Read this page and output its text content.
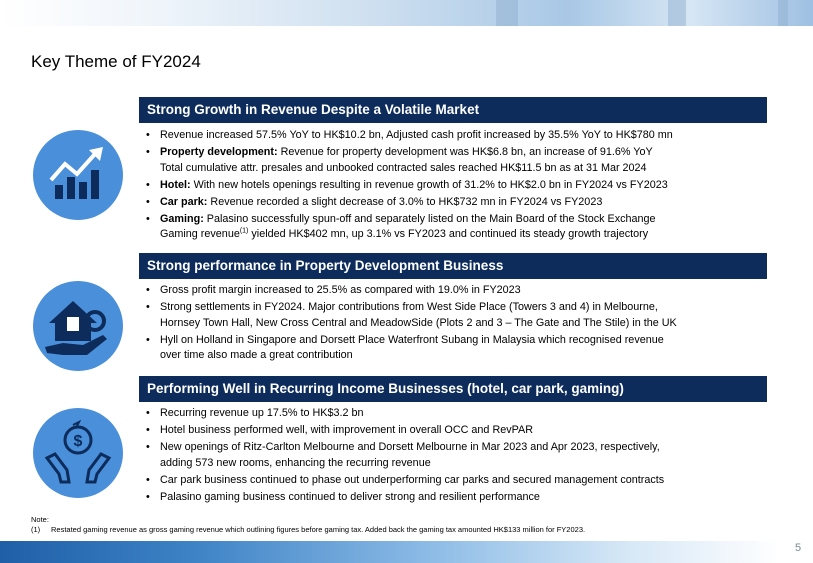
Key Theme of FY2024
Strong Growth in Revenue Despite a Volatile Market
• Revenue increased 57.5% YoY to HK$10.2 bn, Adjusted cash profit increased by 35.5% YoY to HK$780 mn
• Property development: Revenue for property development was HK$6.8 bn, an increase of 91.6% YoY
Total cumulative attr. presales and unbooked contracted sales reached HK$11.5 bn as at 31 Mar 2024
• Hotel: With new hotels openings resulting in revenue growth of 31.2% to HK$2.0 bn in FY2024 vs FY2023
• Car park: Revenue recorded a slight decrease of 3.0% to HK$732 mn in FY2024 vs FY2023
• Gaming: Palasino successfully spun-off and separately listed on the Main Board of the Stock Exchange
Gaming revenue$^{(1)}$ yielded HK$402 mn, up 3.1% vs FY2023 and continued its steady growth trajectory
Strong performance in Property Development Business
• Gross profit margin increased to 25.5% as compared with 19.0% in FY2023
• Strong settlements in FY2024. Major contributions from West Side Place (Towers 3 and 4) in Melbourne,
Hornsey Town Hall, New Cross Central and MeadowSide (Plots 2 and 3 – The Gate and The Stile) in the UK
• Hyll on Holland in Singapore and Dorsett Place Waterfront Subang in Malaysia which recognised revenue
over time also made a great contribution
Performing Well in Recurring Income Businesses (hotel, car park, gaming)
$
• Recurring revenue up 17.5% to HK$3.2 bn
• Hotel business performed well, with improvement in overall OCC and RevPAR
• New openings of Ritz-Carlton Melbourne and Dorsett Melbourne in Mar 2023 and Apr 2023, respectively,
adding 573 new rooms, enhancing the recurring revenue
• Car park business continued to phase out underperforming car parks and secured management contracts
• Palasino gaming business continued to deliver strong and resilient performance
Note:
(1) Restated gaming revenue as gross gaming revenue which outlining figures before gaming tax. Added back the gaming tax amounted HK$133 million for FY2023.
5
